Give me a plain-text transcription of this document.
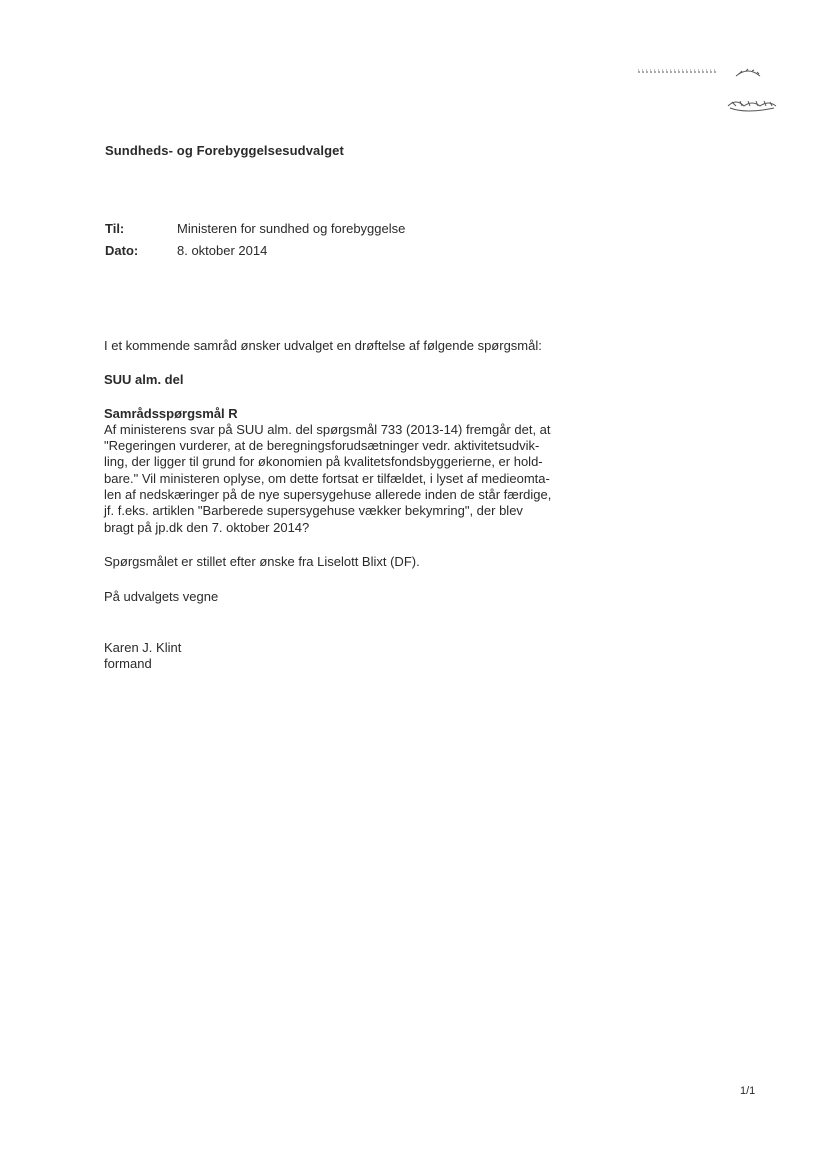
Sundheds- og Forebyggelsesudvalget
Til:	Ministeren for sundhed og forebyggelse
Dato:	8. oktober 2014

I et kommende samråd ønsker udvalget en drøftelse af følgende spørgsmål:

SUU alm. del

Samrådsspørgsmål R

Af ministerens svar på SUU alm. del spørgsmål 733 (2013-14) fremgår det, at
"Regeringen vurderer, at de beregningsforudsætninger vedr. aktivitetsudvik-
ling, der ligger til grund for økonomien på kvalitetsfondsbyggerierne, er hold-
bare." Vil ministeren oplyse, om dette fortsat er tilfældet, i lyset af medieomta-
len af nedskæringer på de nye supersygehuse allerede inden de står færdige,
jf. f.eks. artiklen "Barberede supersygehuse vækker bekymring", der blev
bragt på jp.dk den 7. oktober 2014?

Spørgsmålet er stillet efter ønske fra Liselott Blixt (DF).

På udvalgets vegne

Karen J. Klint

formand

1/1
